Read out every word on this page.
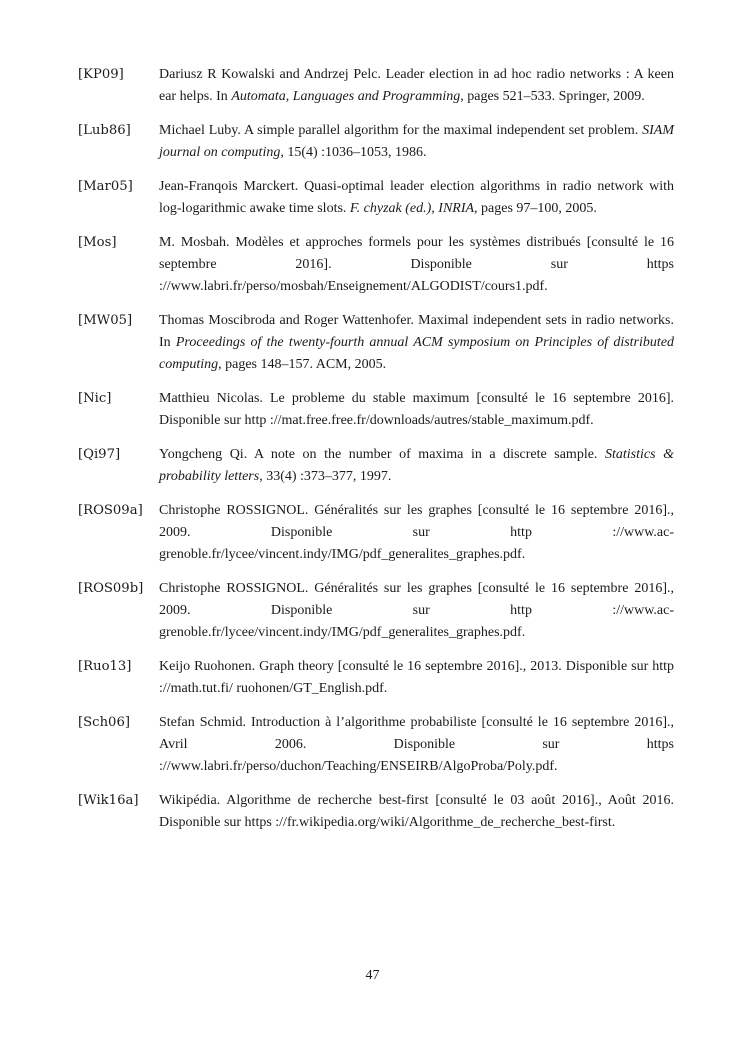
[KP09]	Dariusz R Kowalski and Andrzej Pelc. Leader election in ad hoc radio networks : A keen ear helps. In Automata, Languages and Programming, pages 521–533. Springer, 2009.
[Lub86]	Michael Luby. A simple parallel algorithm for the maximal independent set problem. SIAM journal on computing, 15(4) :1036–1053, 1986.
[Mar05]	Jean-Franqois Marckert. Quasi-optimal leader election algorithms in radio network with log-logarithmic awake time slots. F. chyzak (ed.), INRIA, pages 97–100, 2005.
[Mos]	M. Mosbah. Modèles et approches formels pour les systèmes distribués [consulté le 16 septembre 2016]. Disponible sur https ://www.labri.fr/perso/mosbah/Enseignement/ALGODIST/cours1.pdf.
[MW05]	Thomas Moscibroda and Roger Wattenhofer. Maximal independent sets in radio networks. In Proceedings of the twenty-fourth annual ACM symposium on Principles of distributed computing, pages 148–157. ACM, 2005.
[Nic]	Matthieu Nicolas. Le probleme du stable maximum [consulté le 16 septembre 2016]. Disponible sur http ://mat.free.free.fr/downloads/autres/stable_maximum.pdf.
[Qi97]	Yongcheng Qi. A note on the number of maxima in a discrete sample. Statistics & probability letters, 33(4) :373–377, 1997.
[ROS09a]	Christophe ROSSIGNOL. Généralités sur les graphes [consulté le 16 septembre 2016]., 2009. Disponible sur http ://www.ac-grenoble.fr/lycee/vincent.indy/IMG/pdf_generalites_graphes.pdf.
[ROS09b]	Christophe ROSSIGNOL. Généralités sur les graphes [consulté le 16 septembre 2016]., 2009. Disponible sur http ://www.ac-grenoble.fr/lycee/vincent.indy/IMG/pdf_generalites_graphes.pdf.
[Ruo13]	Keijo Ruohonen. Graph theory [consulté le 16 septembre 2016]., 2013. Disponible sur http ://math.tut.fi/ ruohonen/GT_English.pdf.
[Sch06]	Stefan Schmid. Introduction à l’algorithme probabiliste [consulté le 16 septembre 2016]., Avril 2006. Disponible sur https ://www.labri.fr/perso/duchon/Teaching/ENSEIRB/AlgoProba/Poly.pdf.
[Wik16a]	Wikipédia. Algorithme de recherche best-first [consulté le 03 août 2016]., Août 2016. Disponible sur https ://fr.wikipedia.org/wiki/Algorithme_de_recherche_best-first.
47
